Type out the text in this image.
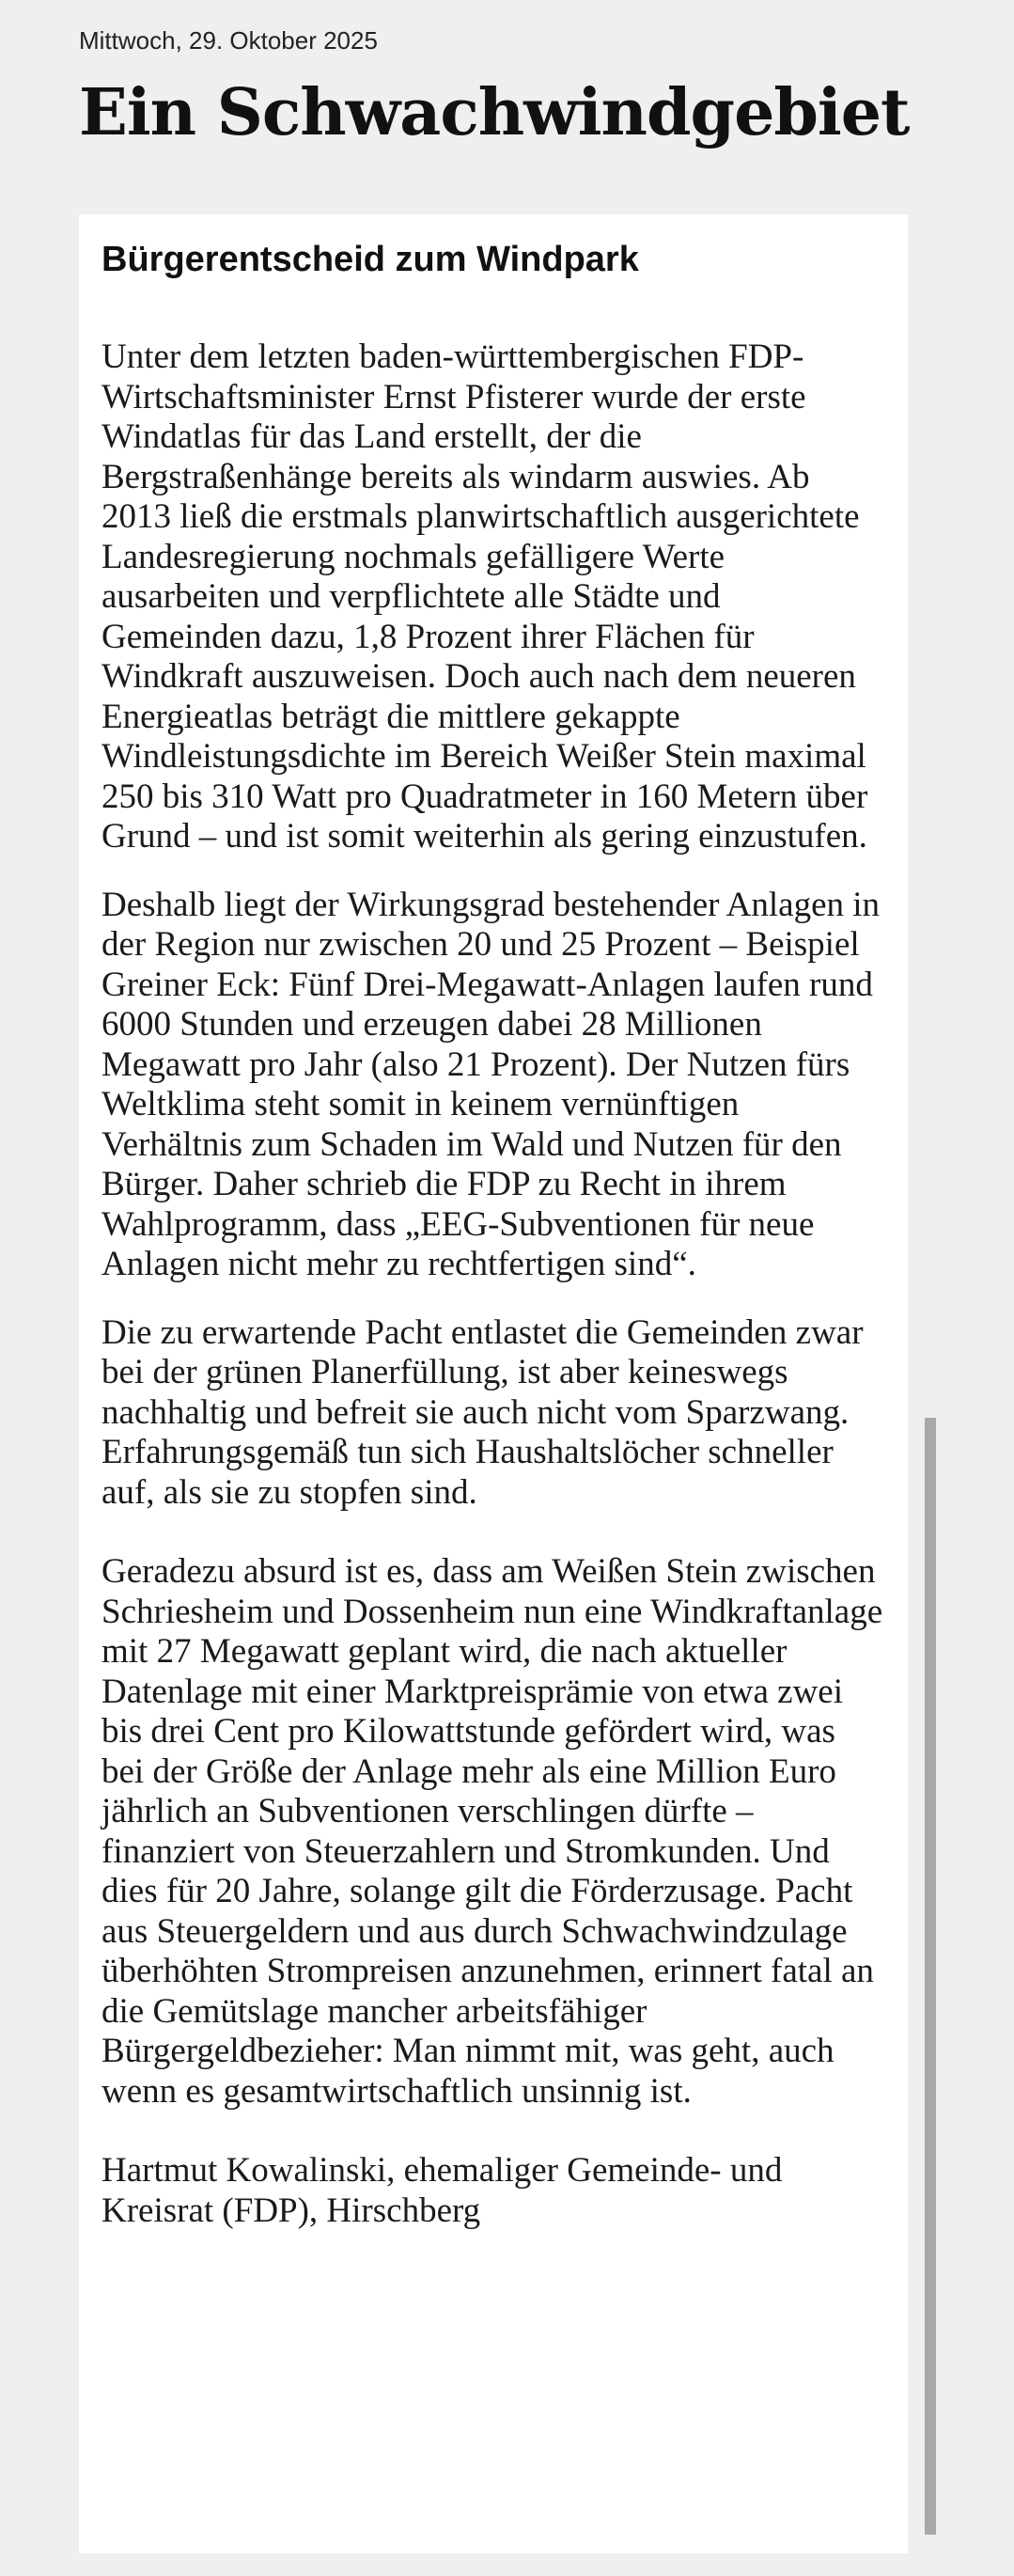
Mittwoch, 29. Oktober 2025
Ein Schwachwindgebiet
Bürgerentscheid zum Windpark

Unter dem letzten baden-württembergischen FDP-Wirtschaftsminister Ernst Pfisterer wurde der erste Windatlas für das Land erstellt, der die Bergstraßenhänge bereits als windarm auswies. Ab 2013 ließ die erstmals planwirtschaftlich ausgerichtete Landesregierung nochmals gefälligere Werte ausarbeiten und verpflichtete alle Städte und Gemeinden dazu, 1,8 Prozent ihrer Flächen für Windkraft auszuweisen. Doch auch nach dem neueren Energieatlas beträgt die mittlere gekappte Windleistungsdichte im Bereich Weißer Stein maximal 250 bis 310 Watt pro Quadratmeter in 160 Metern über Grund – und ist somit weiterhin als gering einzustufen.

Deshalb liegt der Wirkungsgrad bestehender Anlagen in der Region nur zwischen 20 und 25 Prozent – Beispiel Greiner Eck: Fünf Drei-Megawatt-Anlagen laufen rund 6000 Stunden und erzeugen dabei 28 Millionen Megawatt pro Jahr (also 21 Prozent). Der Nutzen fürs Weltklima steht somit in keinem vernünftigen Verhältnis zum Schaden im Wald und Nutzen für den Bürger. Daher schrieb die FDP zu Recht in ihrem Wahlprogramm, dass „EEG-Subventionen für neue Anlagen nicht mehr zu rechtfertigen sind“.

Die zu erwartende Pacht entlastet die Gemeinden zwar bei der grünen Planerfüllung, ist aber keineswegs nachhaltig und befreit sie auch nicht vom Sparzwang. Erfahrungsgemäß tun sich Haushaltslöcher schneller auf, als sie zu stopfen sind.

Geradezu absurd ist es, dass am Weißen Stein zwischen Schriesheim und Dossenheim nun eine Windkraftanlage mit 27 Megawatt geplant wird, die nach aktueller Datenlage mit einer Marktpreisprämie von etwa zwei bis drei Cent pro Kilowattstunde gefördert wird, was bei der Größe der Anlage mehr als eine Million Euro jährlich an Subventionen verschlingen dürfte – finanziert von Steuerzahlern und Stromkunden. Und dies für 20 Jahre, solange gilt die Förderzusage. Pacht aus Steuergeldern und aus durch Schwachwindzulage überhöhten Strompreisen anzunehmen, erinnert fatal an die Gemütslage mancher arbeitsfähiger Bürgergeldbezieher: Man nimmt mit, was geht, auch wenn es gesamtwirtschaftlich unsinnig ist.

Hartmut Kowalinski, ehemaliger Gemeinde- und Kreisrat (FDP), Hirschberg
